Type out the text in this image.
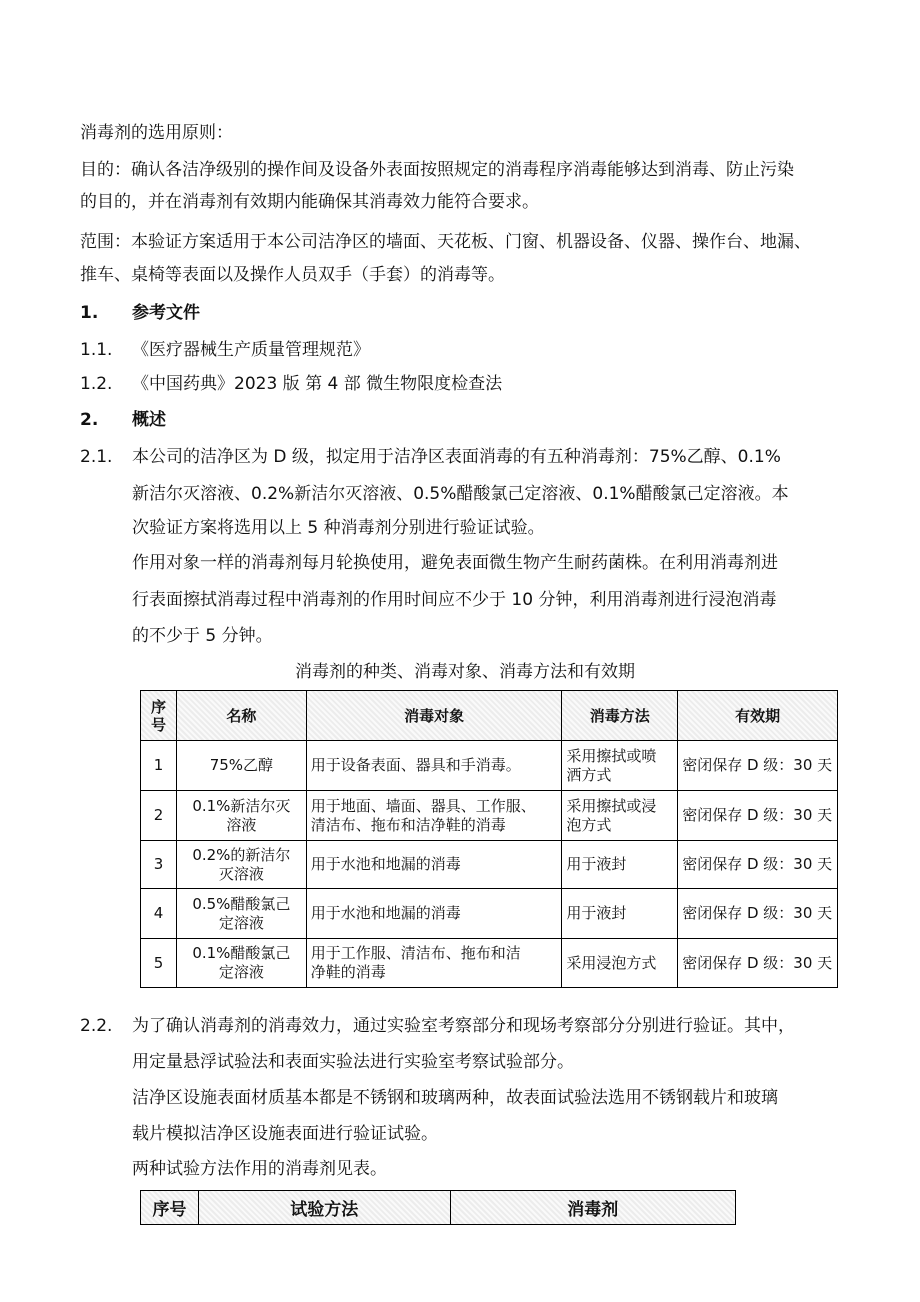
消毒剂的选用原则：
目的：确认各洁净级别的操作间及设备外表面按照规定的消毒程序消毒能够达到消毒、防止污染
的目的，并在消毒剂有效期内能确保其消毒效力能符合要求。
范围：本验证方案适用于本公司洁净区的墙面、天花板、门窗、机器设备、仪器、操作台、地漏、
推车、桌椅等表面以及操作人员双手（手套）的消毒等。
1. 参考文件
1.1. 《医疗器械生产质量管理规范》
1.2. 《中国药典》2023 版 第 4 部 微生物限度检查法
2. 概述
2.1. 本公司的洁净区为 D 级，拟定用于洁净区表面消毒的有五种消毒剂：75%乙醇、0.1%
新洁尔灭溶液、0.2%新洁尔灭溶液、0.5%醋酸氯己定溶液、0.1%醋酸氯己定溶液。本
次验证方案将选用以上 5 种消毒剂分别进行验证试验。
作用对象一样的消毒剂每月轮换使用，避免表面微生物产生耐药菌株。在利用消毒剂进
行表面擦拭消毒过程中消毒剂的作用时间应不少于 10 分钟，利用消毒剂进行浸泡消毒
的不少于 5 分钟。
消毒剂的种类、消毒对象、消毒方法和有效期
序
号	名称	消毒对象	消毒方法	有效期
1	75%乙醇	用于设备表面、器具和手消毒。	采用擦拭或喷
洒方式	密闭保存 D 级：30 天
2	0.1%新洁尔灭
溶液	用于地面、墙面、器具、工作服、
清洁布、拖布和洁净鞋的消毒	采用擦拭或浸
泡方式	密闭保存 D 级：30 天
3	0.2%的新洁尔
灭溶液	用于水池和地漏的消毒	用于液封	密闭保存 D 级：30 天
4	0.5%醋酸氯己
定溶液	用于水池和地漏的消毒	用于液封	密闭保存 D 级：30 天
5	0.1%醋酸氯己
定溶液	用于工作服、清洁布、拖布和洁
净鞋的消毒	采用浸泡方式	密闭保存 D 级：30 天
2.2. 为了确认消毒剂的消毒效力，通过实验室考察部分和现场考察部分分别进行验证。其中，
用定量悬浮试验法和表面实验法进行实验室考察试验部分。
洁净区设施表面材质基本都是不锈钢和玻璃两种，故表面试验法选用不锈钢载片和玻璃
载片模拟洁净区设施表面进行验证试验。
两种试验方法作用的消毒剂见表。
序号	试验方法	消毒剂
